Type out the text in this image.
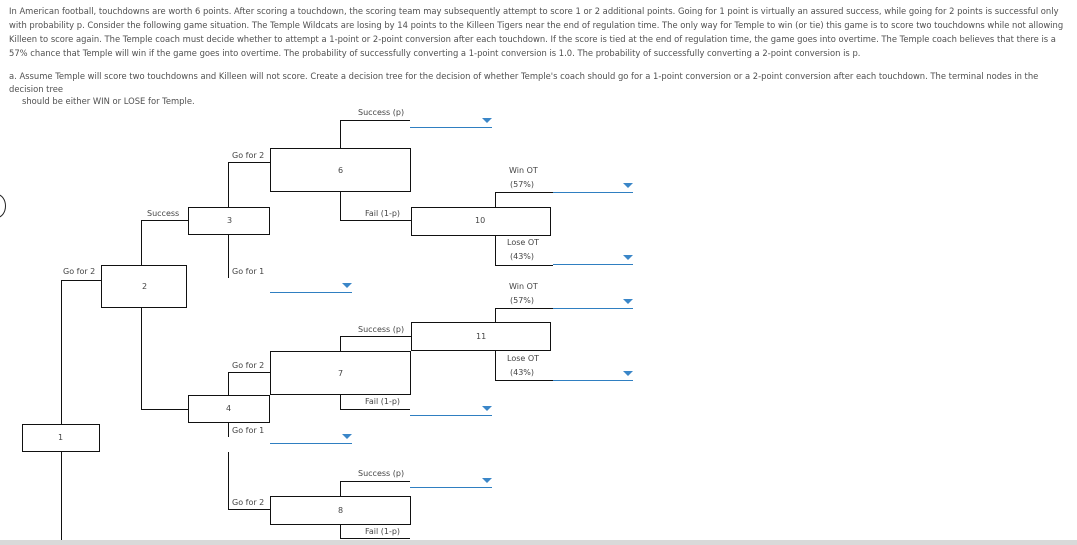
In American football, touchdowns are worth 6 points. After scoring a touchdown, the scoring team may subsequently attempt to score 1 or 2 additional points. Going for 1 point is virtually an assured success, while going for 2 points is successful only with probability p. Consider the following game situation. The Temple Wildcats are losing by 14 points to the Killeen Tigers near the end of regulation time. The only way for Temple to win (or tie) this game is to score two touchdowns while not allowing Killeen to score again. The Temple coach must decide whether to attempt a 1-point or 2-point conversion after each touchdown. If the score is tied at the end of regulation time, the game goes into overtime. The Temple coach believes that there is a 57% chance that Temple will win if the game goes into overtime. The probability of successfully converting a 1-point conversion is 1.0. The probability of successfully converting a 2-point conversion is p.
a. Assume Temple will score two touchdowns and Killeen will not score. Create a decision tree for the decision of whether Temple's coach should go for a 1-point conversion or a 2-point conversion after each touchdown. The terminal nodes in the decision tree
should be either WIN or LOSE for Temple.
1
Go for 2
2
Success
3
Go for 2
Go for 1
6
Success (p)
Fail (1-p)
10
Win OT
(57%)
Lose OT
(43%)
11
Win OT
(57%)
Lose OT
(43%)
4
Go for 2
Go for 1
7
Success (p)
Fail (1-p)
Go for 2
8
Success (p)
Fail (1-p)
